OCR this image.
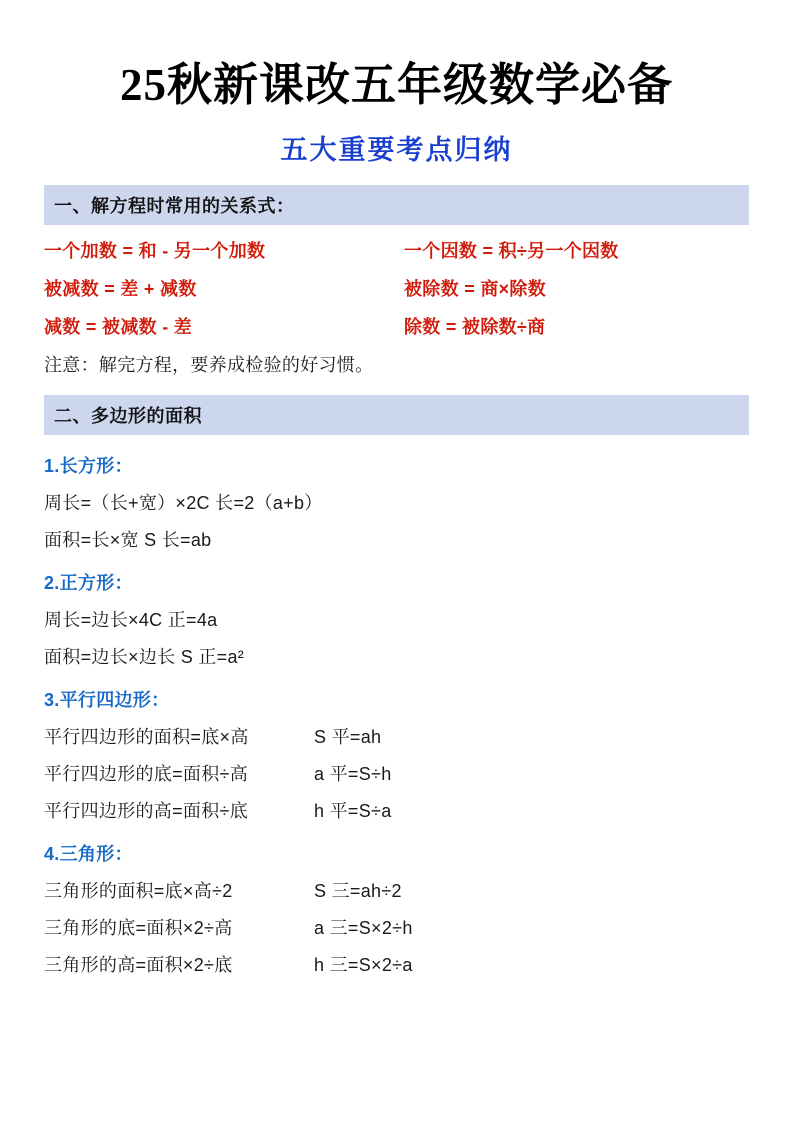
25秋新课改五年级数学必备
五大重要考点归纳
一、解方程时常用的关系式：
一个加数 = 和 - 另一个加数	一个因数 = 积÷另一个因数
被减数 = 差 + 减数	被除数 = 商×除数
减数 = 被减数 - 差	除数 = 被除数÷商
注意：解完方程，要养成检验的好习惯。
二、多边形的面积
1.长方形：
周长=（长+宽）×2C 长=2（a+b）
面积=长×宽 S 长=ab
2.正方形：
周长=边长×4C 正=4a
面积=边长×边长 S 正=a²
3.平行四边形：
平行四边形的面积=底×高	S 平=ah
平行四边形的底=面积÷高	a 平=S÷h
平行四边形的高=面积÷底	h 平=S÷a
4.三角形：
三角形的面积=底×高÷2	S 三=ah÷2
三角形的底=面积×2÷高	a 三=S×2÷h
三角形的高=面积×2÷底	h 三=S×2÷a
